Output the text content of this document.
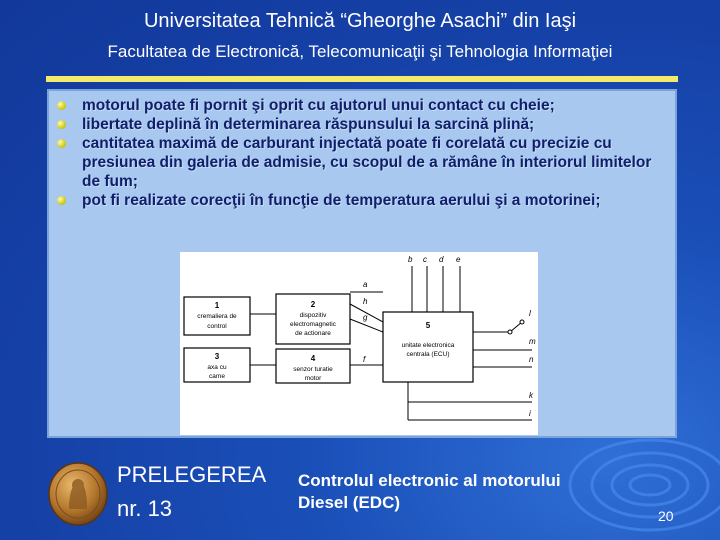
Universitatea Tehnică “Gheorghe Asachi” din Iaşi
Facultatea de Electronică, Telecomunicaţii şi Tehnologia Informaţiei
motorul poate fi pornit şi oprit cu ajutorul unui contact cu cheie;
libertate deplină în determinarea răspunsului la sarcină plină;
cantitatea maximă de carburant injectată poate fi corelată cu precizie cu presiunea din galeria de admisie, cu scopul de a rămâne în interiorul limitelor de fum;
pot fi realizate corecţii în funcţie de temperatura aerului şi a motorinei;
b c d e
1
cremaliera de
control
2
dispozitiv
electromagnetic
de actionare
3
axa cu
came
4
senzor turatie
motor
5
unitate electronica
centrala (ECU)
a
h
g
f
l
m
n
k
i
PRELEGEREA
nr. 13
Controlul electronic al motorului
Diesel (EDC)
20
